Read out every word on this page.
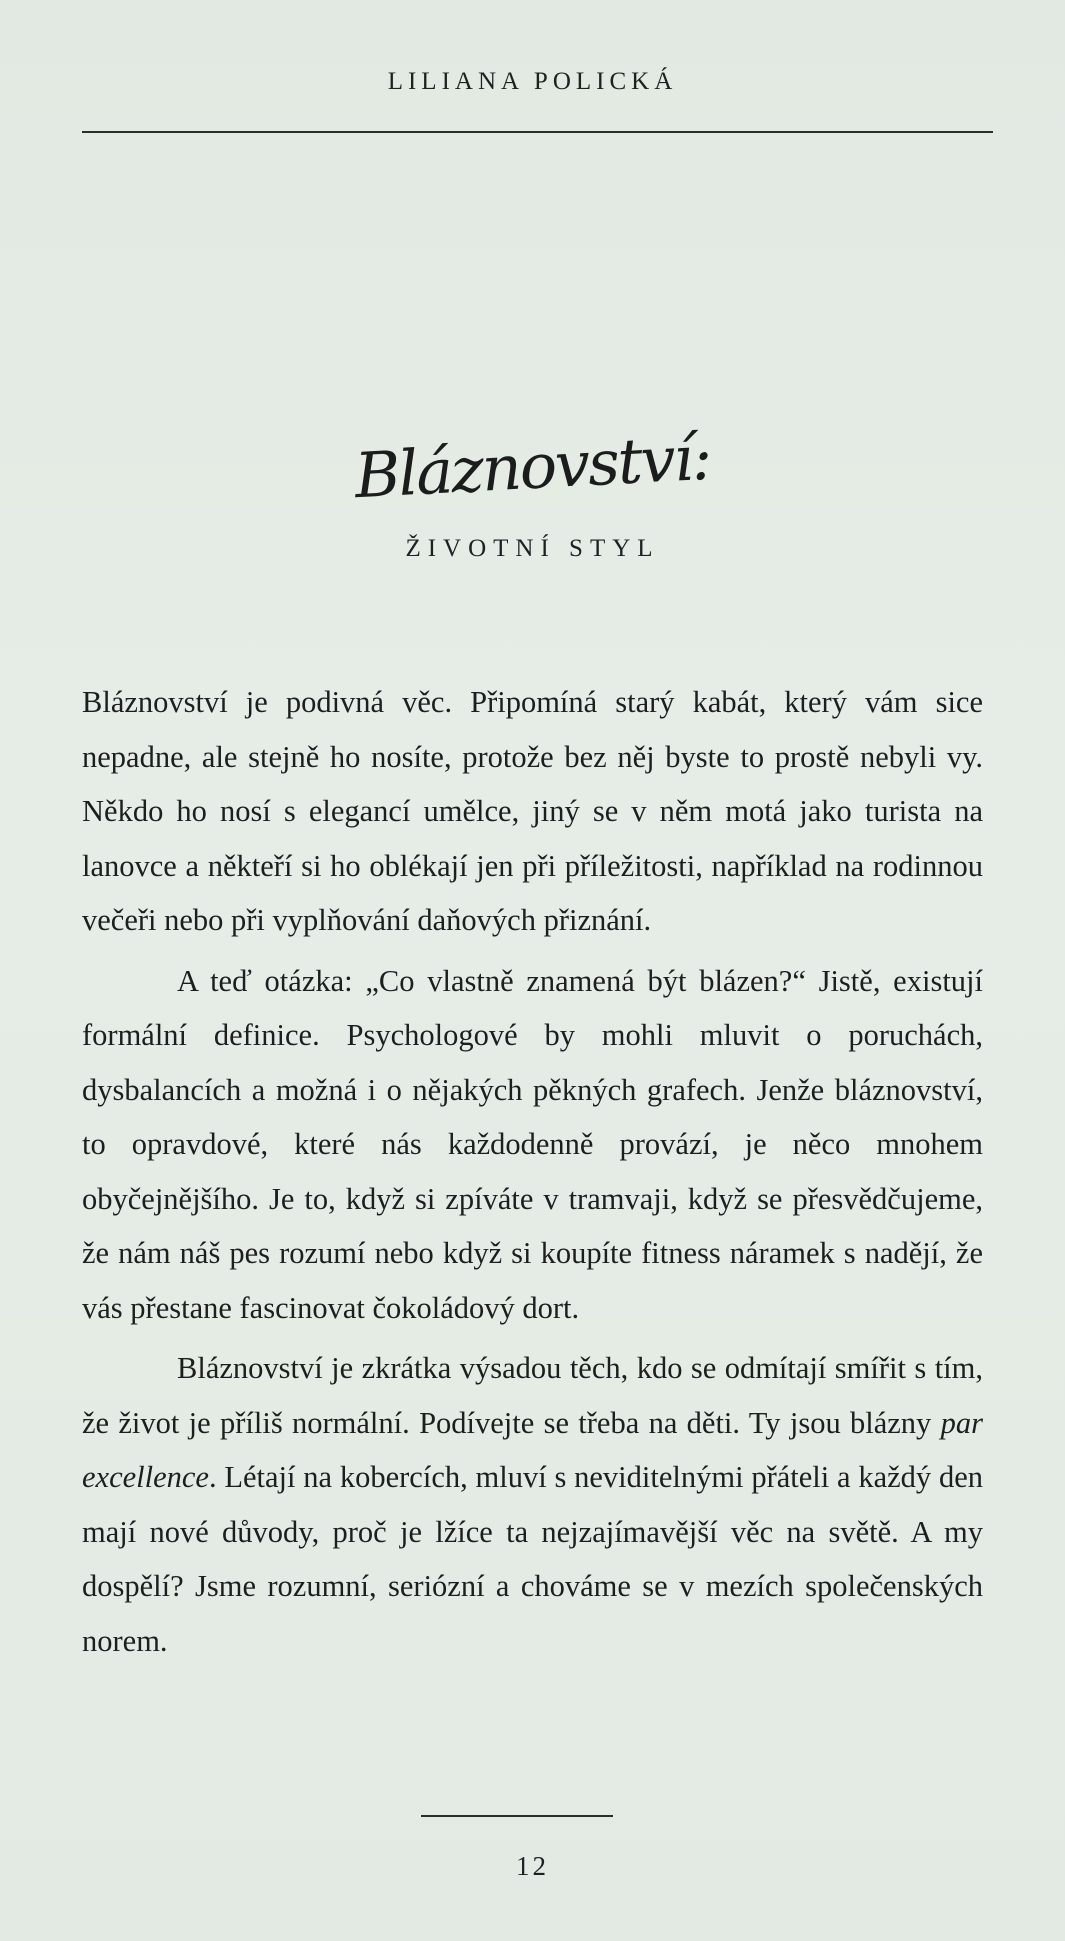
LILIANA POLICKÁ
Bláznovství:
ŽIVOTNÍ STYL

Bláznovství je podivná věc. Připomíná starý kabát, který vám sice nepadne, ale stejně ho nosíte, protože bez něj byste to prostě nebyli vy. Někdo ho nosí s elegancí umělce, jiný se v něm motá jako turista na lanovce a někteří si ho oblékají jen při příležitosti, například na rodinnou večeři nebo při vyplňování daňových přiznání.

A teď otázka: „Co vlastně znamená být blázen?“ Jistě, existují formální definice. Psychologové by mohli mluvit o poruchách, dysbalancích a možná i o nějakých pěkných grafech. Jenže bláznovství, to opravdové, které nás každodenně provází, je něco mnohem obyčejnějšího. Je to, když si zpíváte v tramvaji, když se přesvědčujeme, že nám náš pes rozumí nebo když si koupíte fitness náramek s nadějí, že vás přestane fascinovat čokoládový dort.

Bláznovství je zkrátka výsadou těch, kdo se odmítají smířit s tím, že život je příliš normální. Podívejte se třeba na děti. Ty jsou blázny par excellence. Létají na kobercích, mluví s neviditelnými přáteli a každý den mají nové důvody, proč je lžíce ta nejzajímavější věc na světě. A my dospělí? Jsme rozumní, seriózní a chováme se v mezích společenských norem.

12
